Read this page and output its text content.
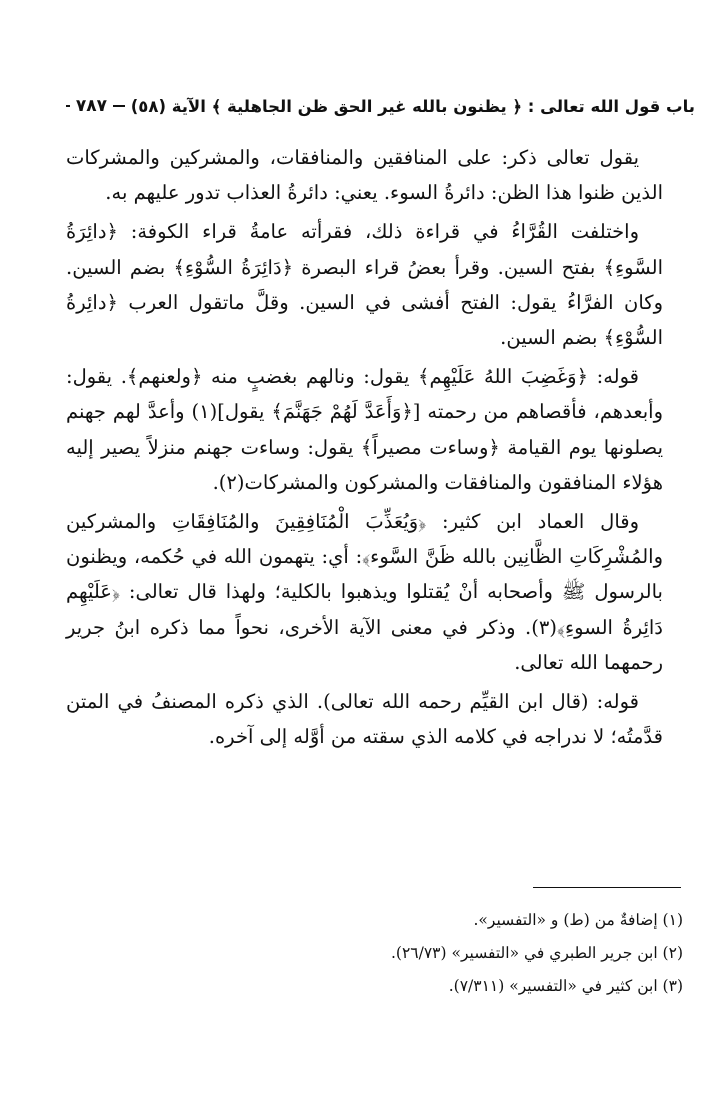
باب قول الله تعالى : ﴿ يظنون بالله غير الحق ظن الجاهلية ﴾ الآية (٥٨)
٧٨٧

يقول تعالى ذكر: على المنافقين والمنافقات، والمشركين والمشركات الذين ظنوا هذا الظن: دائرةُ السوء. يعني: دائرةُ العذاب تدور عليهم به.

واختلفت القُرَّاءُ في قراءة ذلك، فقرأته عامةُ قراء الكوفة: ﴿دائِرَةُ السَّوءِ﴾ بفتح السين. وقرأ بعضُ قراء البصرة ﴿دَائِرَةُ السُّوْءِ﴾ بضم السين. وكان الفرَّاءُ يقول: الفتح أفشى في السين. وقلَّ ماتقول العرب ﴿دائِرةُ السُّوْءِ﴾ بضم السين.

قوله: ﴿وَغَضِبَ اللهُ عَلَيْهِم﴾ يقول: ونالهم بغضبٍ منه ﴿ولعنهم﴾. يقول: وأبعدهم، فأقصاهم من رحمته [﴿وَأَعَدَّ لَهُمْ جَهَنَّمَ﴾ يقول](١) وأعدَّ لهم جهنم يصلونها يوم القيامة ﴿وساءت مصيراً﴾ يقول: وساءت جهنم منزلاً يصير إليه هؤلاء المنافقون والمنافقات والمشركون والمشركات(٢).

وقال العماد ابن كثير: ﴿وَيُعَذِّبَ الْمُنَافِقِينَ والمُنَافِقَاتِ والمشركين والمُشْرِكَاتِ الظَّانِين بالله ظَنَّ السَّوء﴾: أي: يتهمون الله في حُكمه، ويظنون بالرسول ﷺ وأصحابه أنْ يُقتلوا ويذهبوا بالكلية؛ ولهذا قال تعالى: ﴿عَلَيْهِم دَائِرةُ السوءِ﴾(٣). وذكر في معنى الآية الأخرى، نحواً مما ذكره ابنُ جرير رحمهما الله تعالى.

قوله: (قال ابن القيِّم رحمه الله تعالى). الذي ذكره المصنفُ في المتن قدَّمتُه؛ لا ندراجه في كلامه الذي سقته من أوَّله إلى آخره.

(١) إضافةٌ من (ط) و «التفسير».

(٢) ابن جرير الطبري في «التفسير» (٢٦/٧٣).

(٣) ابن كثير في «التفسير» (٧/٣١١).
